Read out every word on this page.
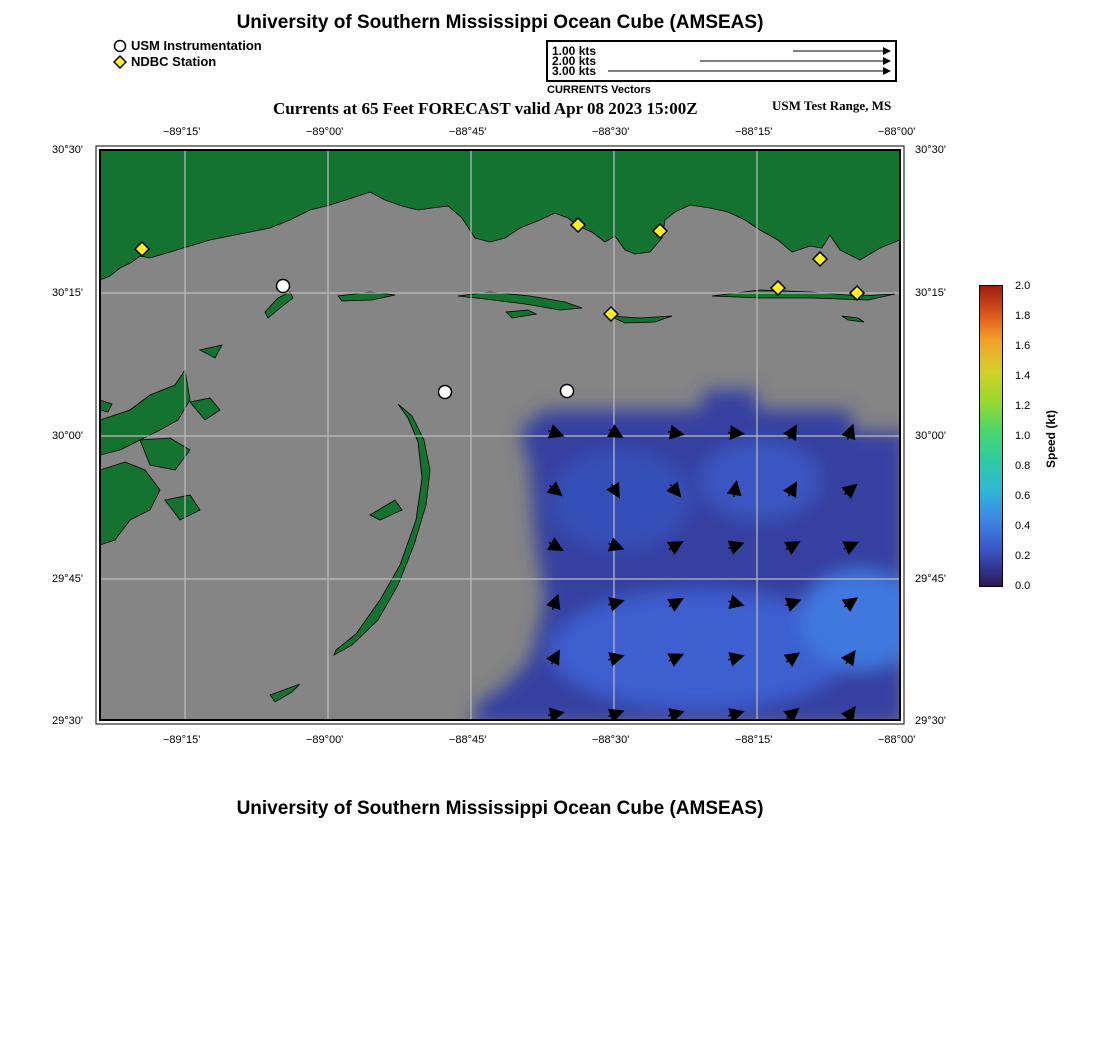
University of Southern Mississippi Ocean Cube (AMSEAS)
USM Instrumentation
NDBC Station
1.00 kts
2.00 kts
3.00 kts
CURRENTS Vectors
Currents at 65 Feet FORECAST valid Apr 08 2023 15:00Z	USM Test Range, MS
−89°15'	−89°00'	−88°45'	−88°30'	−88°15'	−88°00'
−89°15'	−89°00'	−88°45'	−88°30'	−88°15'	−88°00'
30°30'
30°15'
30°00'
29°45'
29°30'
30°30'
30°15'
30°00'
29°45'
29°30'
2.0
1.8
1.6
1.4
1.2
1.0
0.8
0.6
0.4
0.2
0.0
Speed (kt)
University of Southern Mississippi Ocean Cube (AMSEAS)
